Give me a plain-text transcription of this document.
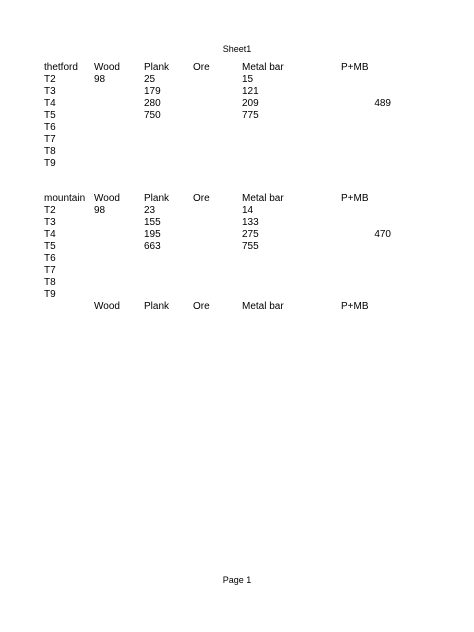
Sheet1
thetford	Wood	Plank	Ore	Metal bar	P+MB
T2	98	25		15	
T3		179		121	
T4		280		209	489
T5		750		775	
T6					
T7					
T8					
T9					
mountain	Wood	Plank	Ore	Metal bar	P+MB
T2	98	23		14	
T3		155		133	
T4		195		275	470
T5		663		755	
T6					
T7					
T8					
T9					
	Wood	Plank	Ore	Metal bar	P+MB
Page 1
